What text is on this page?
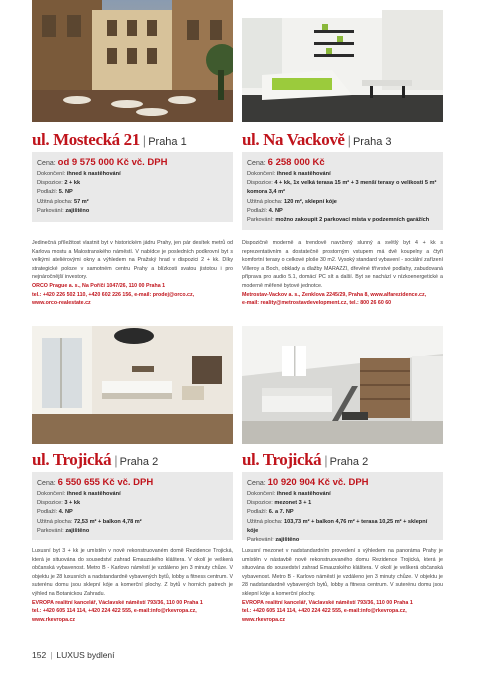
ul. Mostecká 21 | Praha 1
Cena: od 9 575 000 Kč vč. DPH
Dokončení: ihned k nastěhování
Dispozice: 2 + kk
Podlaží: 5. NP
Užitná plocha: 57 m²
Parkování: zajištěno
Jedinečná příležitost vlastnit byt v historickém jádru Prahy, jen pár desítek metrů od Karlova mostu a Malostranského náměstí. V nabídce je posledních podkrovní byt s velkými ateliérovými okny a výhledem na Pražský hrad v dispozici 2 + kk. Díky strategické poloze v samotném centru Prahy a blízkosti svatou jistotou i pro nejnáročnější investory.
ORCO Prague a. s., Na Poříčí 1047/26, 110 00 Praha 1
tel.: +420 226 502 110, +420 602 226 156, e-mail: prodej@orco.cz,
www.orco-realestate.cz
ul. Na Vackově | Praha 3
Cena: 6 258 000 Kč
Dokončení: ihned k nastěhování
Dispozice: 4 + kk, 1x velká terasa 15 m² + 3 menší terasy o velikosti 5 m² komora 3,4 m²
Užitná plocha: 120 m², sklepní kóje
Podlaží: 4. NP
Parkování: možno zakoupit 2 parkovací místa v podzemních garážích
Dispozičně moderně a trendově navržený slunný a světlý byt 4 + kk s reprezentativním a dostatečně prostorným vstupem má dvě koupelny a čtyři komfortní terasy o celkové ploše 30 m2. Vysoký standard vybavení - sociální zařízení Villeroy a Boch, obklady a dlažby MARAZZI, dřevěné třívrstvé podlahy, zabudovaná příprava pro audio 5.1, domácí PC sít a další. Byt se nachází v nízkoenergetické a moderně měřené bytové jednotce.
Metrostav-Vackov a. s., Zenklova 2245/29, Praha 8, www.alfarezidence.cz,
e-mail: reality@metrostavdevelopment.cz, tel.: 800 26 60 60
ul. Trojická | Praha 2
Cena: 6 550 655 Kč vč. DPH
Dokončení: ihned k nastěhování
Dispozice: 3 + kk
Podlaží: 4. NP
Užitná plocha: 72,53 m² + balkon 4,78 m²
Parkování: zajištěno
Luxusní byt 3 + kk je umístěn v nově rekonstruovaném domě Rezidence Trojická, která je situována do sousedství zahrad Emauzského kláštera. V okolí je veškerá občanská vybavenost. Metro B - Karlovo náměstí je vzdáleno jen 3 minuty chůze. V objektu je 28 luxusních a nadstandardně vybavených bytů, lobby a fitness centrum. V suterénu domu jsou sklepní kóje a komerční plochy. Z bytů v horních patrech je výhled na Botanickou Zahradu.
EVROPA realitní kancelář, Václavské náměstí 793/36, 110 00 Praha 1
tel.: +420 605 114 114, +420 224 422 555, e-mail:info@rkevropa.cz,
www.rkevropa.cz
ul. Trojická | Praha 2
Cena: 10 920 904 Kč vč. DPH
Dokončení: ihned k nastěhování
Dispozice: mezonet 3 + 1
Podlaží: 6. a 7. NP
Užitná plocha: 103,73 m² + balkon 4,76 m² + terasa 10,25 m² + sklepní kóje
Parkování: zajištěno
Luxusní mezonet v nadstandardním provedení s výhledem na panoráma Prahy je umístěn v nástavbě nově rekonstruovaného domu Rezidence Trojická, která je situována do sousedství zahrad Emauzského kláštera. V okolí je veškerá občanská vybavenost. Metro B - Karlovo náměstí je vzdáleno jen 3 minuty chůze. V objektu je 28 nadstandardně vybavených bytů, lobby a fitness centrum. V suterénu domu jsou sklepní kóje a komerční plochy.
EVROPA realitní kancelář, Václavské náměstí 793/36, 110 00 Praha 1
tel.: +420 605 114 114, +420 224 422 555, e-mail:info@rkevropa.cz,
www.rkevropa.cz
152 | LUXUS bydlení
